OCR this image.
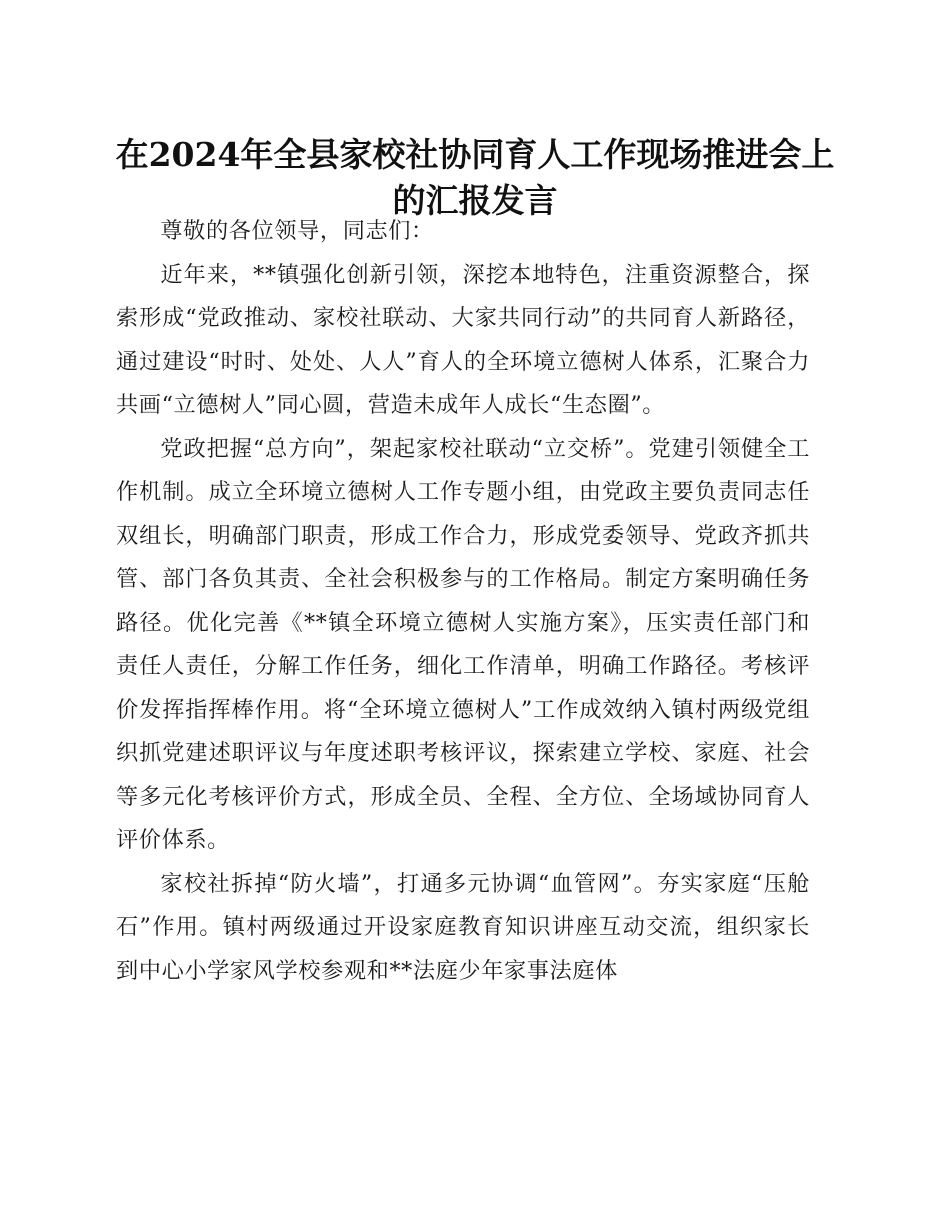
在2024年全县家校社协同育人工作现场推进会上的汇报发言

尊敬的各位领导，同志们：

近年来，**镇强化创新引领，深挖本地特色，注重资源整合，探索形成“党政推动、家校社联动、大家共同行动”的共同育人新路径，通过建设“时时、处处、人人”育人的全环境立德树人体系，汇聚合力共画“立德树人”同心圆，营造未成年人成长“生态圈”。

党政把握“总方向”，架起家校社联动“立交桥”。党建引领健全工作机制。成立全环境立德树人工作专题小组，由党政主要负责同志任双组长，明确部门职责，形成工作合力，形成党委领导、党政齐抓共管、部门各负其责、全社会积极参与的工作格局。制定方案明确任务路径。优化完善《**镇全环境立德树人实施方案》，压实责任部门和责任人责任，分解工作任务，细化工作清单，明确工作路径。考核评价发挥指挥棒作用。将“全环境立德树人”工作成效纳入镇村两级党组织抓党建述职评议与年度述职考核评议，探索建立学校、家庭、社会等多元化考核评价方式，形成全员、全程、全方位、全场域协同育人评价体系。

家校社拆掉“防火墙”，打通多元协调“血管网”。夯实家庭“压舱石”作用。镇村两级通过开设家庭教育知识讲座互动交流，组织家长到中心小学家风学校参观和**法庭少年家事法庭体
